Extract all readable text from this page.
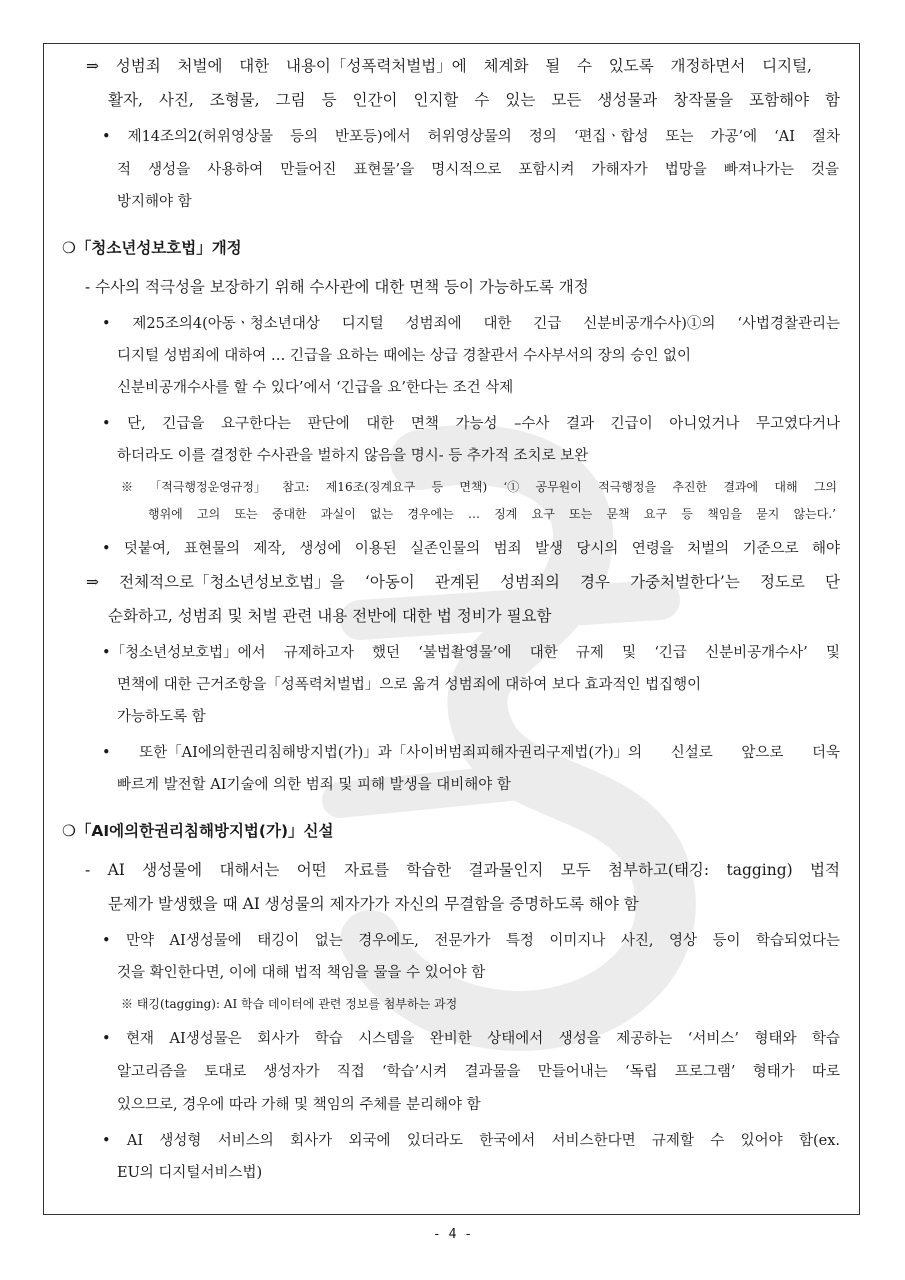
⇒ 성범죄 처벌에 대한 내용이「성폭력처벌법」에 체계화 될 수 있도록 개정하면서 디지털,
활자, 사진, 조형물, 그림 등 인간이 인지할 수 있는 모든 생성물과 창작물을 포함해야 함
• 제14조의2(허위영상물 등의 반포등)에서 허위영상물의 정의 ‘편집ㆍ합성 또는 가공’에 ‘AI 절차
적 생성을 사용하여 만들어진 표현물’을 명시적으로 포함시켜 가해자가 법망을 빠져나가는 것을
방지해야 함
❍「청소년성보호법」개정
- 수사의 적극성을 보장하기 위해 수사관에 대한 면책 등이 가능하도록 개정
• 제25조의4(아동ㆍ청소년대상 디지털 성범죄에 대한 긴급 신분비공개수사)①의 ‘사법경찰관리는
디지털 성범죄에 대하여 … 긴급을 요하는 때에는 상급 경찰관서 수사부서의 장의 승인 없이
신분비공개수사를 할 수 있다’에서 ‘긴급을 요’한다는 조건 삭제
• 단, 긴급을 요구한다는 판단에 대한 면책 가능성 –수사 결과 긴급이 아니었거나 무고였다거나
하더라도 이를 결정한 수사관을 벌하지 않음을 명시- 등 추가적 조치로 보완
※ 「적극행정운영규정」 참고: 제16조(징계요구 등 면책) ‘① 공무원이 적극행정을 추진한 결과에 대해 그의
행위에 고의 또는 중대한 과실이 없는 경우에는 … 징계 요구 또는 문책 요구 등 책임을 묻지 않는다.’
• 덧붙여, 표현물의 제작, 생성에 이용된 실존인물의 범죄 발생 당시의 연령을 처벌의 기준으로 해야
⇒ 전체적으로「청소년성보호법」을 ‘아동이 관계된 성범죄의 경우 가중처벌한다’는 정도로 단
순화하고, 성범죄 및 처벌 관련 내용 전반에 대한 법 정비가 필요함
•「청소년성보호법」에서 규제하고자 했던 ‘불법촬영물’에 대한 규제 및 ‘긴급 신분비공개수사’ 및
면책에 대한 근거조항을「성폭력처벌법」으로 옮겨 성범죄에 대하여 보다 효과적인 법집행이
가능하도록 함
• 또한「AI에의한권리침해방지법(가)」과「사이버범죄피해자권리구제법(가)」의 신설로 앞으로 더욱
빠르게 발전할 AI기술에 의한 범죄 및 피해 발생을 대비해야 함
❍「AI에의한권리침해방지법(가)」신설
- AI 생성물에 대해서는 어떤 자료를 학습한 결과물인지 모두 첨부하고(태깅: tagging) 법적
문제가 발생했을 때 AI 생성물의 제자가가 자신의 무결함을 증명하도록 해야 함
• 만약 AI생성물에 태깅이 없는 경우에도, 전문가가 특정 이미지나 사진, 영상 등이 학습되었다는
것을 확인한다면, 이에 대해 법적 책임을 물을 수 있어야 함
※ 태깅(tagging): AI 학습 데이터에 관련 정보를 첨부하는 과정
• 현재 AI생성물은 회사가 학습 시스템을 완비한 상태에서 생성을 제공하는 ‘서비스’ 형태와 학습
알고리즘을 토대로 생성자가 직접 ‘학습’시켜 결과물을 만들어내는 ‘독립 프로그램’ 형태가 따로
있으므로, 경우에 따라 가해 및 책임의 주체를 분리해야 함
• AI 생성형 서비스의 회사가 외국에 있더라도 한국에서 서비스한다면 규제할 수 있어야 함(ex.
EU의 디지털서비스법)
- 4 -
